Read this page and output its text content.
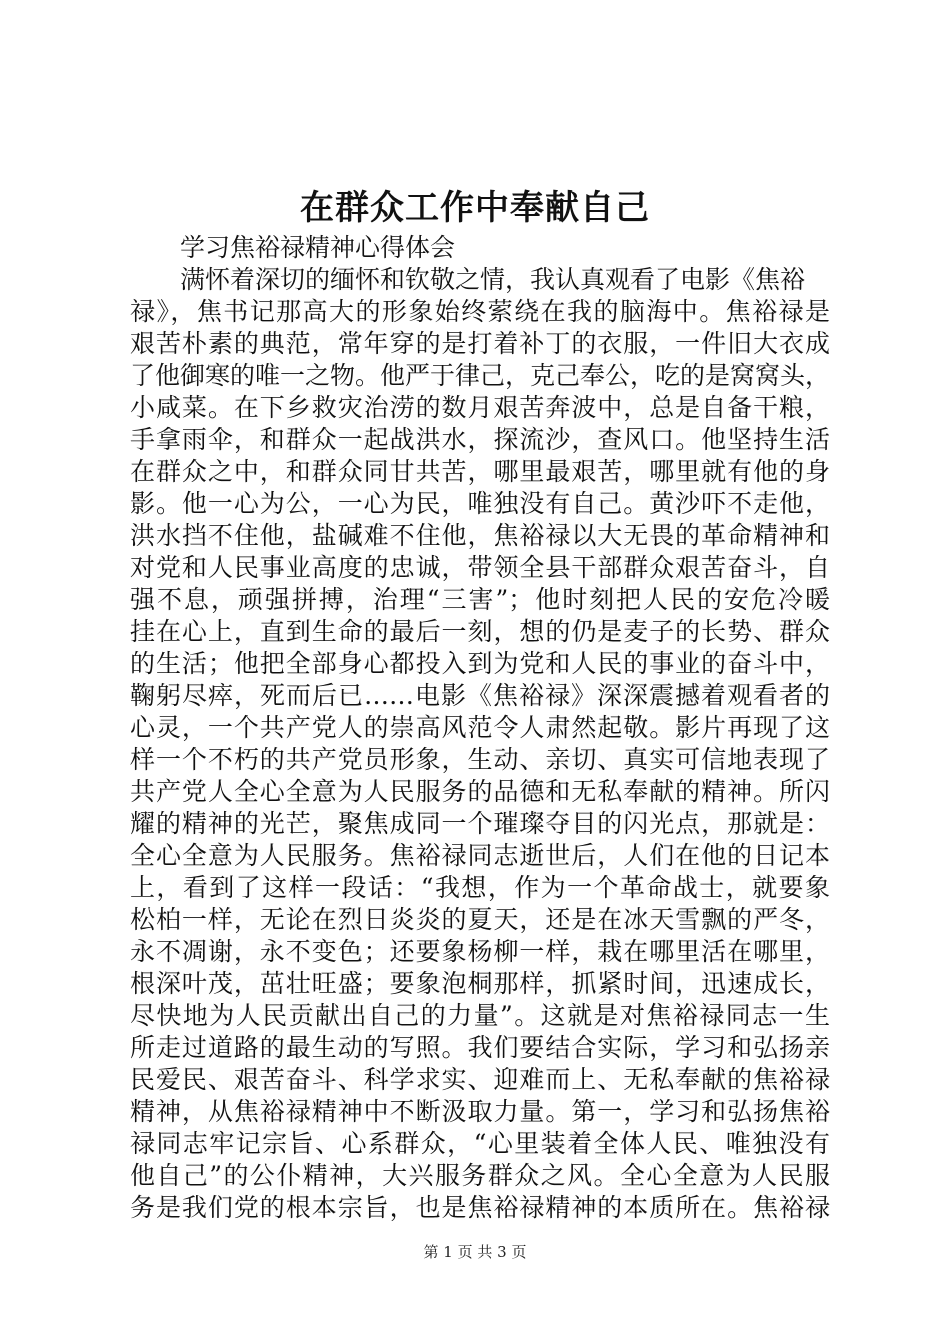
在群众工作中奉献自己
学习焦裕禄精神心得体会
满怀着深切的缅怀和钦敬之情，我认真观看了电影《焦裕
禄》，焦书记那高大的形象始终萦绕在我的脑海中。焦裕禄是
艰苦朴素的典范，常年穿的是打着补丁的衣服，一件旧大衣成
了他御寒的唯一之物。他严于律己，克己奉公，吃的是窝窝头，
小咸菜。在下乡救灾治涝的数月艰苦奔波中，总是自备干粮，
手拿雨伞，和群众一起战洪水，探流沙，查风口。他坚持生活
在群众之中，和群众同甘共苦，哪里最艰苦，哪里就有他的身
影。他一心为公，一心为民，唯独没有自己。黄沙吓不走他，
洪水挡不住他，盐碱难不住他，焦裕禄以大无畏的革命精神和
对党和人民事业高度的忠诚，带领全县干部群众艰苦奋斗，自
强不息，顽强拼搏，治理“三害”；他时刻把人民的安危冷暖
挂在心上，直到生命的最后一刻，想的仍是麦子的长势、群众
的生活；他把全部身心都投入到为党和人民的事业的奋斗中，
鞠躬尽瘁，死而后已……电影《焦裕禄》深深震撼着观看者的
心灵，一个共产党人的崇高风范令人肃然起敬。影片再现了这
样一个不朽的共产党员形象，生动、亲切、真实可信地表现了
共产党人全心全意为人民服务的品德和无私奉献的精神。所闪
耀的精神的光芒，聚焦成同一个璀璨夺目的闪光点，那就是：
全心全意为人民服务。焦裕禄同志逝世后，人们在他的日记本
上，看到了这样一段话：“我想，作为一个革命战士，就要象
松柏一样，无论在烈日炎炎的夏天，还是在冰天雪飘的严冬，
永不凋谢，永不变色；还要象杨柳一样，栽在哪里活在哪里，
根深叶茂，茁壮旺盛；要象泡桐那样，抓紧时间，迅速成长，
尽快地为人民贡献出自己的力量”。这就是对焦裕禄同志一生
所走过道路的最生动的写照。我们要结合实际，学习和弘扬亲
民爱民、艰苦奋斗、科学求实、迎难而上、无私奉献的焦裕禄
精神，从焦裕禄精神中不断汲取力量。第一，学习和弘扬焦裕
禄同志牢记宗旨、心系群众，“心里装着全体人民、唯独没有
他自己”的公仆精神，大兴服务群众之风。全心全意为人民服
务是我们党的根本宗旨，也是焦裕禄精神的本质所在。焦裕禄
第 1 页 共 3 页
